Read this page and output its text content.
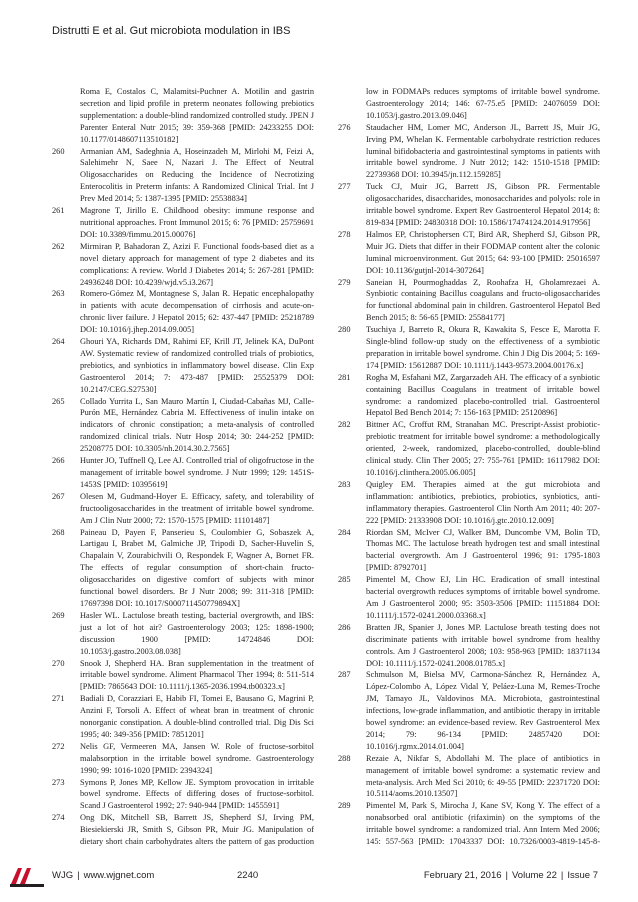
Distrutti E et al. Gut microbiota modulation in IBS
Roma E, Costalos C, Malamitsi-Puchner A. Motilin and gastrin secretion and lipid profile in preterm neonates following prebiotics supplementation: a double-blind randomized controlled study. JPEN J Parenter Enteral Nutr 2015; 39: 359-368 [PMID: 24233255 DOI: 10.1177/0148607113510182]
260	Armanian AM, Sadeghnia A, Hoseinzadeh M, Mirlohi M, Feizi A, Salehimehr N, Saee N, Nazari J. The Effect of Neutral Oligosaccharides on Reducing the Incidence of Necrotizing Enterocolitis in Preterm infants: A Randomized Clinical Trial. Int J Prev Med 2014; 5: 1387-1395 [PMID: 25538834]
261	Magrone T, Jirillo E. Childhood obesity: immune response and nutritional approaches. Front Immunol 2015; 6: 76 [PMID: 25759691 DOI: 10.3389/fimmu.2015.00076]
262	Mirmiran P, Bahadoran Z, Azizi F. Functional foods-based diet as a novel dietary approach for management of type 2 diabetes and its complications: A review. World J Diabetes 2014; 5: 267-281 [PMID: 24936248 DOI: 10.4239/wjd.v5.i3.267]
263	Romero-Gómez M, Montagnese S, Jalan R. Hepatic encephalopathy in patients with acute decompensation of cirrhosis and acute-on-chronic liver failure. J Hepatol 2015; 62: 437-447 [PMID: 25218789 DOI: 10.1016/j.jhep.2014.09.005]
264	Ghouri YA, Richards DM, Rahimi EF, Krill JT, Jelinek KA, DuPont AW. Systematic review of randomized controlled trials of probiotics, prebiotics, and synbiotics in inflammatory bowel disease. Clin Exp Gastroenterol 2014; 7: 473-487 [PMID: 25525379 DOI: 10.2147/CEG.S27530]
265	Collado Yurrita L, San Mauro Martín I, Ciudad-Cabañas MJ, Calle-Purón ME, Hernández Cabria M. Effectiveness of inulin intake on indicators of chronic constipation; a meta-analysis of controlled randomized clinical trials. Nutr Hosp 2014; 30: 244-252 [PMID: 25208775 DOI: 10.3305/nh.2014.30.2.7565]
266	Hunter JO, Tuffnell Q, Lee AJ. Controlled trial of oligofructose in the management of irritable bowel syndrome. J Nutr 1999; 129: 1451S-1453S [PMID: 10395619]
267	Olesen M, Gudmand-Hoyer E. Efficacy, safety, and tolerability of fructooligosaccharides in the treatment of irritable bowel syndrome. Am J Clin Nutr 2000; 72: 1570-1575 [PMID: 11101487]
268	Paineau D, Payen F, Panserieu S, Coulombier G, Sobaszek A, Lartigau I, Brabet M, Galmiche JP, Tripodi D, Sacher-Huvelin S, Chapalain V, Zourabichvili O, Respondek F, Wagner A, Bornet FR. The effects of regular consumption of short-chain fructo-oligosaccharides on digestive comfort of subjects with minor functional bowel disorders. Br J Nutr 2008; 99: 311-318 [PMID: 17697398 DOI: 10.1017/S000711450779894X]
269	Hasler WL. Lactulose breath testing, bacterial overgrowth, and IBS: just a lot of hot air? Gastroenterology 2003; 125: 1898-1900; discussion 1900 [PMID: 14724846 DOI: 10.1053/j.gastro.2003.08.038]
270	Snook J, Shepherd HA. Bran supplementation in the treatment of irritable bowel syndrome. Aliment Pharmacol Ther 1994; 8: 511-514 [PMID: 7865643 DOI: 10.1111/j.1365-2036.1994.tb00323.x]
271	Badiali D, Corazziari E, Habib FI, Tomei E, Bausano G, Magrini P, Anzini F, Torsoli A. Effect of wheat bran in treatment of chronic nonorganic constipation. A double-blind controlled trial. Dig Dis Sci 1995; 40: 349-356 [PMID: 7851201]
272	Nelis GF, Vermeeren MA, Jansen W. Role of fructose-sorbitol malabsorption in the irritable bowel syndrome. Gastroenterology 1990; 99: 1016-1020 [PMID: 2394324]
273	Symons P, Jones MP, Kellow JE. Symptom provocation in irritable bowel syndrome. Effects of differing doses of fructose-sorbitol. Scand J Gastroenterol 1992; 27: 940-944 [PMID: 1455591]
274	Ong DK, Mitchell SB, Barrett JS, Shepherd SJ, Irving PM, Biesiekierski JR, Smith S, Gibson PR, Muir JG. Manipulation of dietary short chain carbohydrates alters the pattern of gas production
low in FODMAPs reduces symptoms of irritable bowel syndrome. Gastroenterology 2014; 146: 67-75.e5 [PMID: 24076059 DOI: 10.1053/j.gastro.2013.09.046]
276	Staudacher HM, Lomer MC, Anderson JL, Barrett JS, Muir JG, Irving PM, Whelan K. Fermentable carbohydrate restriction reduces luminal bifidobacteria and gastrointestinal symptoms in patients with irritable bowel syndrome. J Nutr 2012; 142: 1510-1518 [PMID: 22739368 DOI: 10.3945/jn.112.159285]
277	Tuck CJ, Muir JG, Barrett JS, Gibson PR. Fermentable oligosaccharides, disaccharides, monosaccharides and polyols: role in irritable bowel syndrome. Expert Rev Gastroenterol Hepatol 2014; 8: 819-834 [PMID: 24830318 DOI: 10.1586/17474124.2014.917956]
278	Halmos EP, Christophersen CT, Bird AR, Shepherd SJ, Gibson PR, Muir JG. Diets that differ in their FODMAP content alter the colonic luminal microenvironment. Gut 2015; 64: 93-100 [PMID: 25016597 DOI: 10.1136/gutjnl-2014-307264]
279	Saneian H, Pourmoghaddas Z, Roohafza H, Gholamrezaei A. Synbiotic containing Bacillus coagulans and fructo-oligosaccharides for functional abdominal pain in children. Gastroenterol Hepatol Bed Bench 2015; 8: 56-65 [PMID: 25584177]
280	Tsuchiya J, Barreto R, Okura R, Kawakita S, Fesce E, Marotta F. Single-blind follow-up study on the effectiveness of a symbiotic preparation in irritable bowel syndrome. Chin J Dig Dis 2004; 5: 169-174 [PMID: 15612887 DOI: 10.1111/j.1443-9573.2004.00176.x]
281	Rogha M, Esfahani MZ, Zargarzadeh AH. The efficacy of a synbiotic containing Bacillus Coagulans in treatment of irritable bowel syndrome: a randomized placebo-controlled trial. Gastroenterol Hepatol Bed Bench 2014; 7: 156-163 [PMID: 25120896]
282	Bittner AC, Croffut RM, Stranahan MC. Prescript-Assist probiotic-prebiotic treatment for irritable bowel syndrome: a methodologically oriented, 2-week, randomized, placebo-controlled, double-blind clinical study. Clin Ther 2005; 27: 755-761 [PMID: 16117982 DOI: 10.1016/j.clinthera.2005.06.005]
283	Quigley EM. Therapies aimed at the gut microbiota and inflammation: antibiotics, prebiotics, probiotics, synbiotics, anti-inflammatory therapies. Gastroenterol Clin North Am 2011; 40: 207-222 [PMID: 21333908 DOI: 10.1016/j.gtc.2010.12.009]
284	Riordan SM, McIver CJ, Walker BM, Duncombe VM, Bolin TD, Thomas MC. The lactulose breath hydrogen test and small intestinal bacterial overgrowth. Am J Gastroenterol 1996; 91: 1795-1803 [PMID: 8792701]
285	Pimentel M, Chow EJ, Lin HC. Eradication of small intestinal bacterial overgrowth reduces symptoms of irritable bowel syndrome. Am J Gastroenterol 2000; 95: 3503-3506 [PMID: 11151884 DOI: 10.1111/j.1572-0241.2000.03368.x]
286	Bratten JR, Spanier J, Jones MP. Lactulose breath testing does not discriminate patients with irritable bowel syndrome from healthy controls. Am J Gastroenterol 2008; 103: 958-963 [PMID: 18371134 DOI: 10.1111/j.1572-0241.2008.01785.x]
287	Schmulson M, Bielsa MV, Carmona-Sánchez R, Hernández A, López-Colombo A, López Vidal Y, Peláez-Luna M, Remes-Troche JM, Tamayo JL, Valdovinos MA. Microbiota, gastrointestinal infections, low-grade inflammation, and antibiotic therapy in irritable bowel syndrome: an evidence-based review. Rev Gastroenterol Mex 2014; 79: 96-134 [PMID: 24857420 DOI: 10.1016/j.rgmx.2014.01.004]
288	Rezaie A, Nikfar S, Abdollahi M. The place of antibiotics in management of irritable bowel syndrome: a systematic review and meta-analysis. Arch Med Sci 2010; 6: 49-55 [PMID: 22371720 DOI: 10.5114/aoms.2010.13507]
289	Pimentel M, Park S, Mirocha J, Kane SV, Kong Y. The effect of a nonabsorbed oral antibiotic (rifaximin) on the symptoms of the irritable bowel syndrome: a randomized trial. Ann Intern Med 2006; 145: 557-563 [PMID: 17043337 DOI: 10.7326/0003-4819-145-8-
WJG | www.wjgnet.com	2240	February 21, 2016 | Volume 22 | Issue 7
